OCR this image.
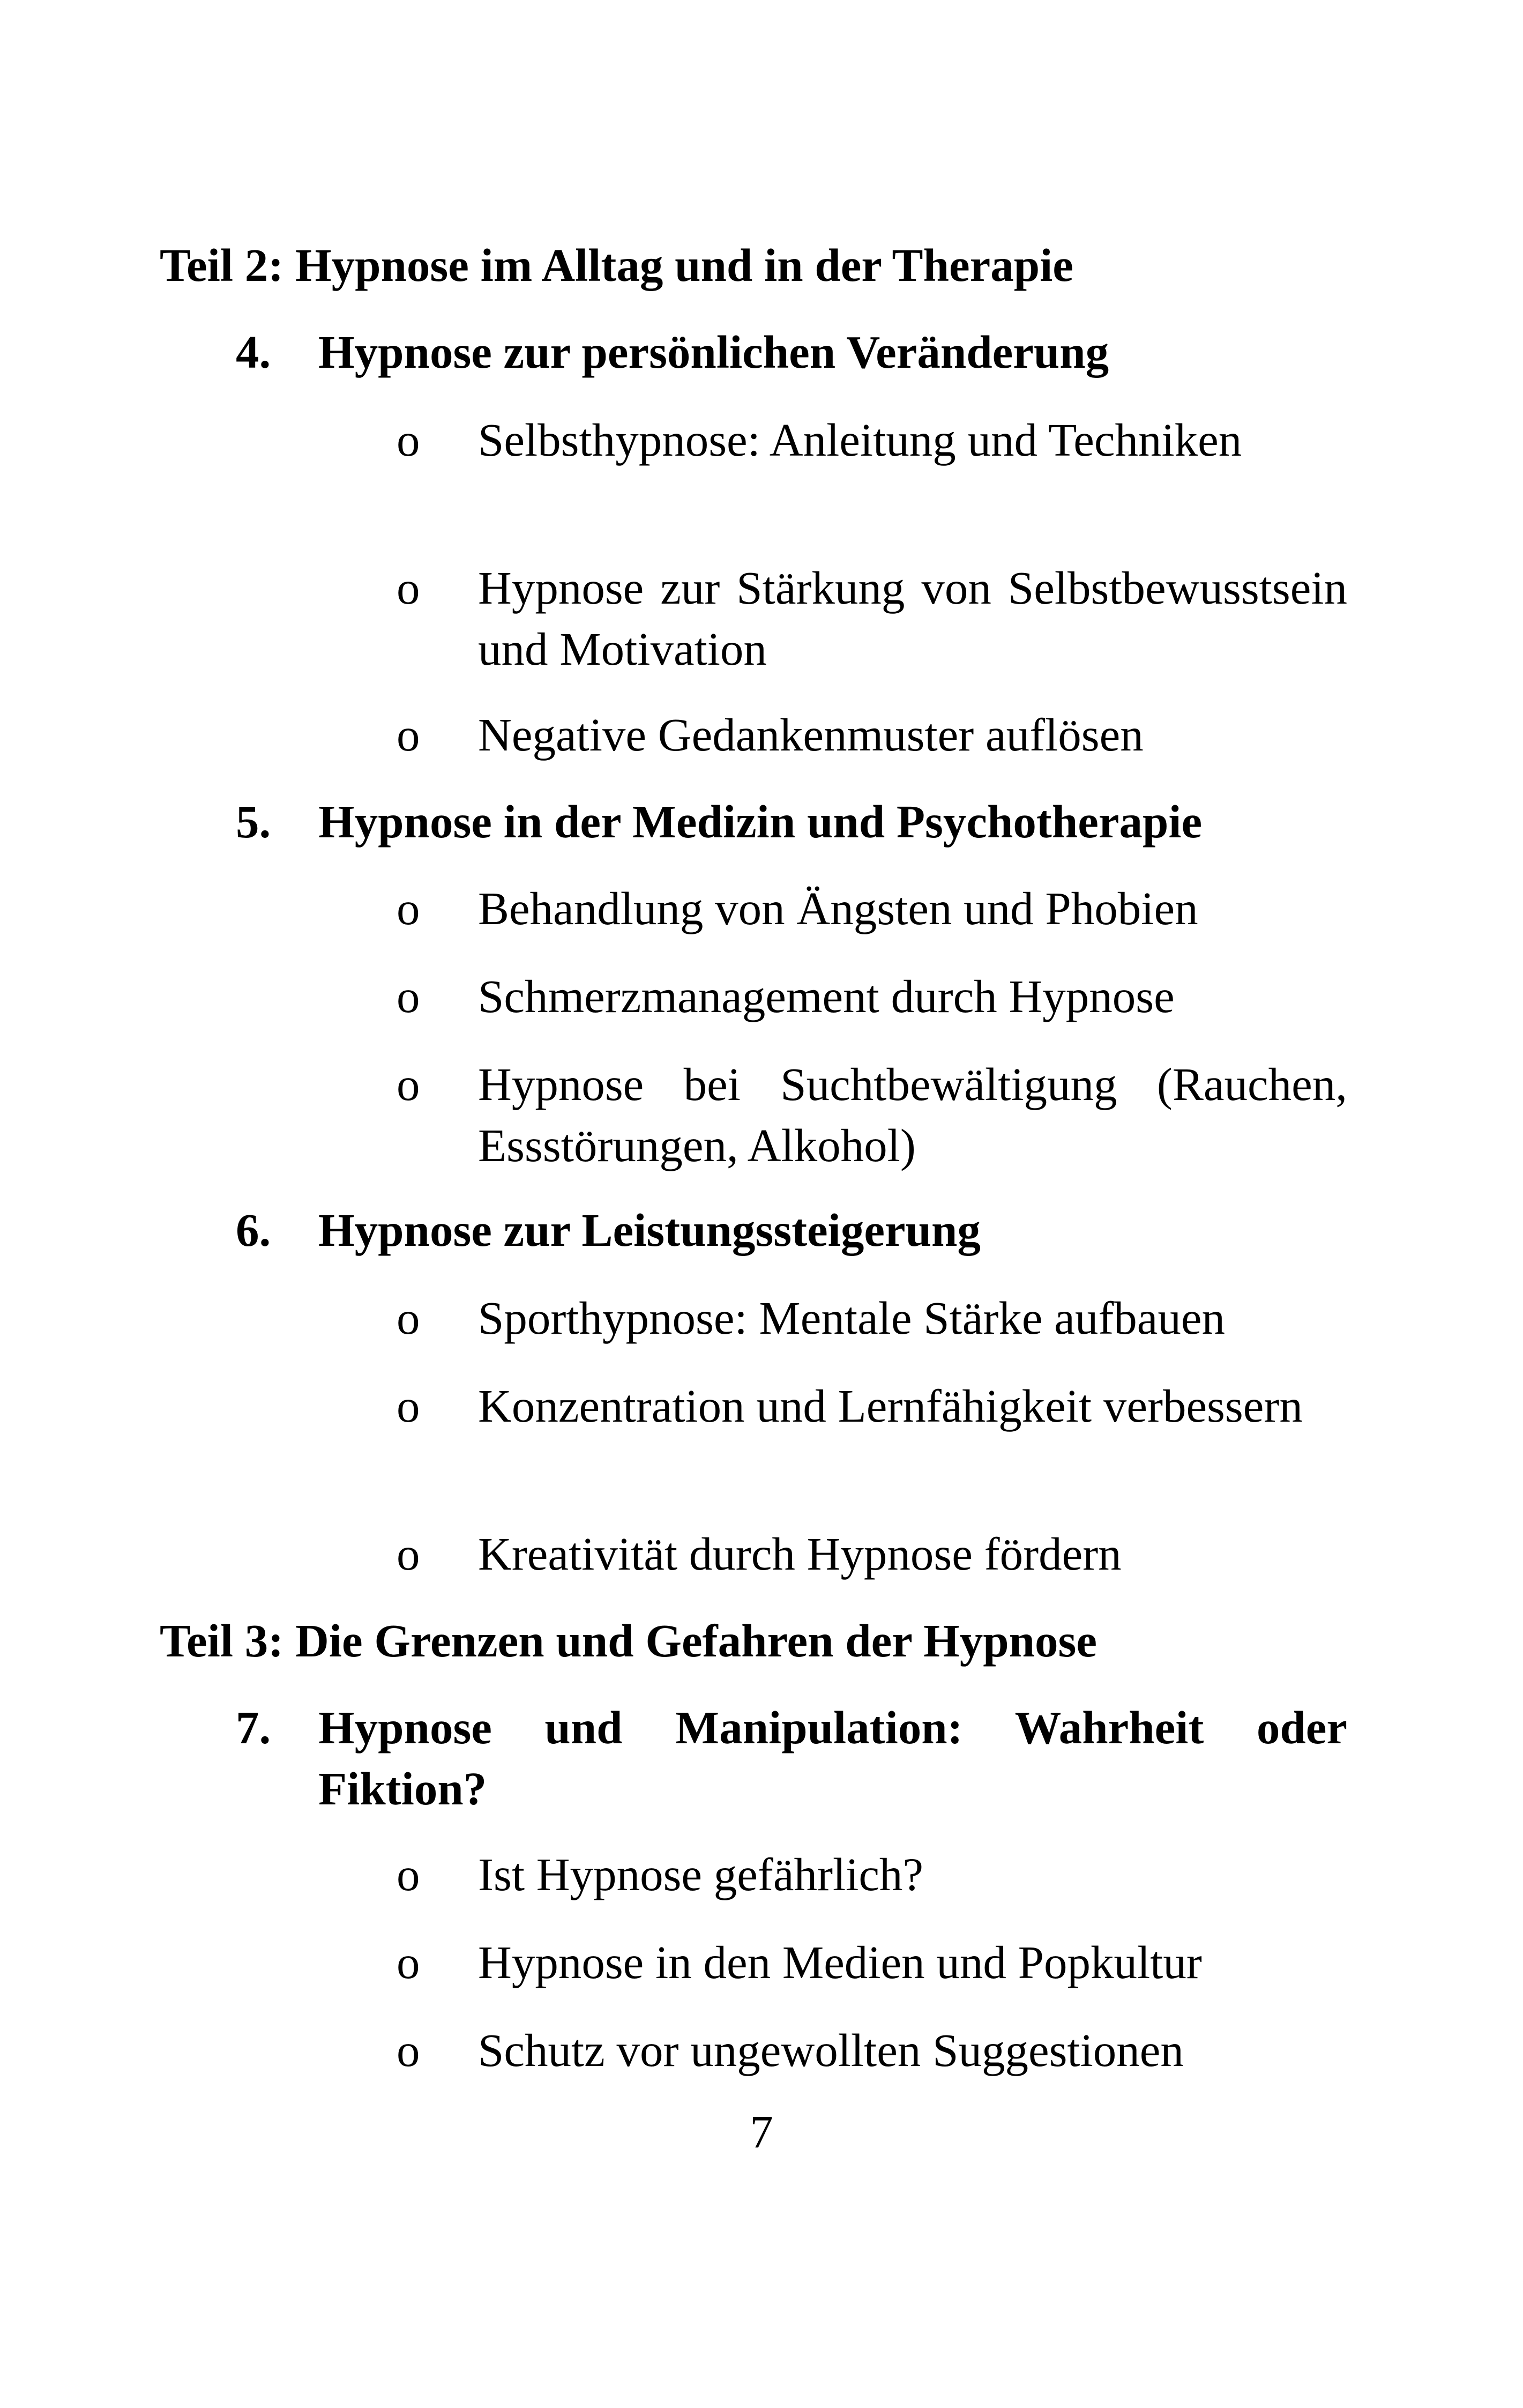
Teil 2: Hypnose im Alltag und in der Therapie
4. Hypnose zur persönlichen Veränderung
o Selbsthypnose: Anleitung und Techniken
o Hypnose zur Stärkung von Selbstbewusstsein und Motivation
o Negative Gedankenmuster auflösen
5. Hypnose in der Medizin und Psychotherapie
o Behandlung von Ängsten und Phobien
o Schmerzmanagement durch Hypnose
o Hypnose bei Suchtbewältigung (Rauchen, Essstörungen, Alkohol)
6. Hypnose zur Leistungssteigerung
o Sporthypnose: Mentale Stärke aufbauen
o Konzentration und Lernfähigkeit verbessern
o Kreativität durch Hypnose fördern
Teil 3: Die Grenzen und Gefahren der Hypnose
7. Hypnose und Manipulation: Wahrheit oder Fiktion?
o Ist Hypnose gefährlich?
o Hypnose in den Medien und Popkultur
o Schutz vor ungewollten Suggestionen
7
